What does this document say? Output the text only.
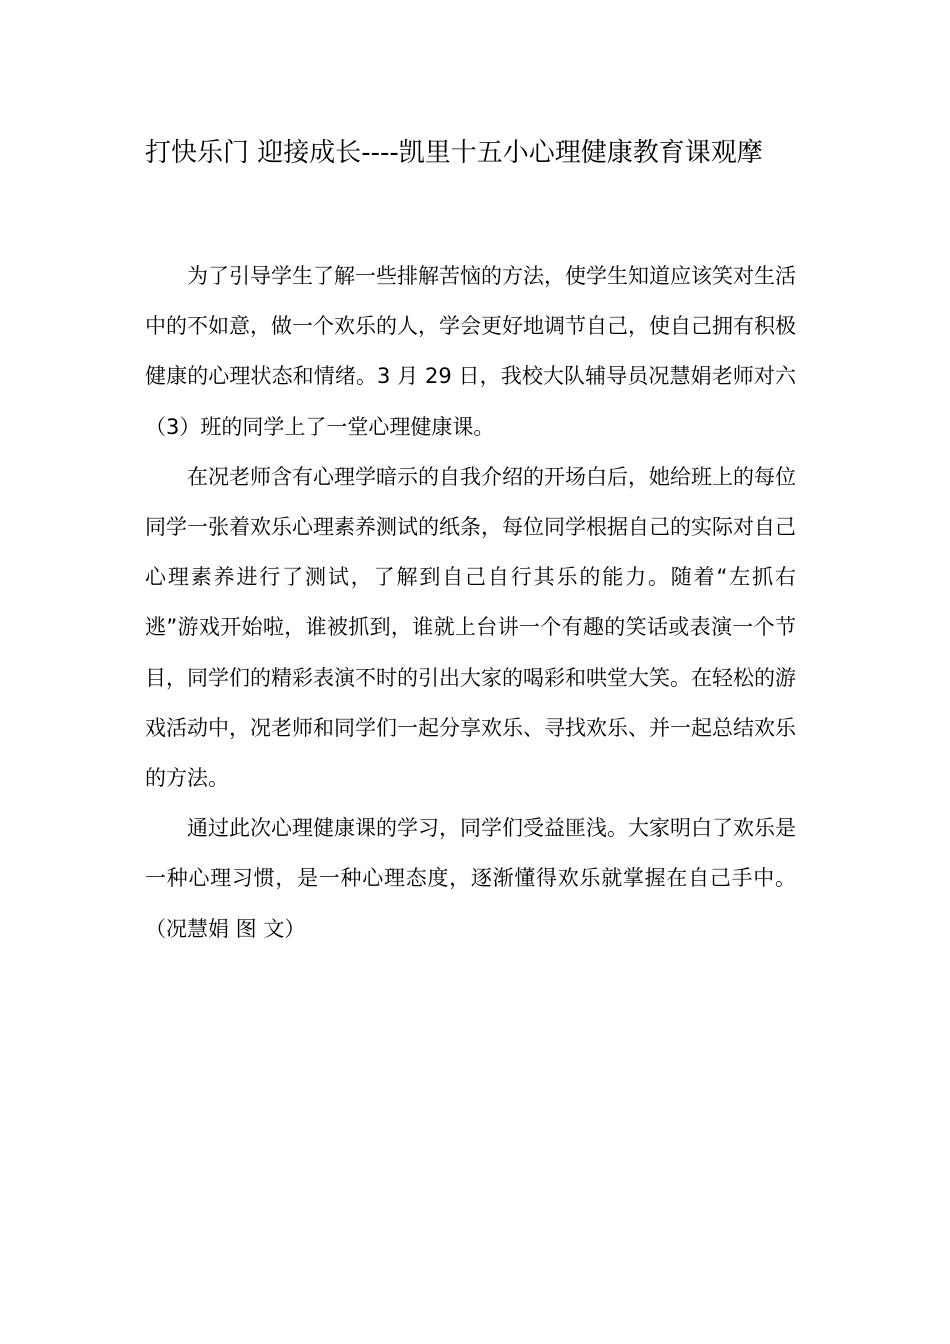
打快乐门 迎接成长----凯里十五小心理健康教育课观摩

为了引导学生了解一些排解苦恼的方法，使学生知道应该笑对生活中的不如意，做一个欢乐的人，学会更好地调节自己，使自己拥有积极健康的心理状态和情绪。3 月 29 日，我校大队辅导员况慧娟老师对六（3）班的同学上了一堂心理健康课。

在况老师含有心理学暗示的自我介绍的开场白后，她给班上的每位同学一张着欢乐心理素养测试的纸条，每位同学根据自己的实际对自己心理素养进行了测试，了解到自己自行其乐的能力。随着“左抓右逃”游戏开始啦，谁被抓到，谁就上台讲一个有趣的笑话或表演一个节目，同学们的精彩表演不时的引出大家的喝彩和哄堂大笑。在轻松的游戏活动中，况老师和同学们一起分享欢乐、寻找欢乐、并一起总结欢乐的方法。

通过此次心理健康课的学习，同学们受益匪浅。大家明白了欢乐是一种心理习惯，是一种心理态度，逐渐懂得欢乐就掌握在自己手中。 （况慧娟 图 文）
